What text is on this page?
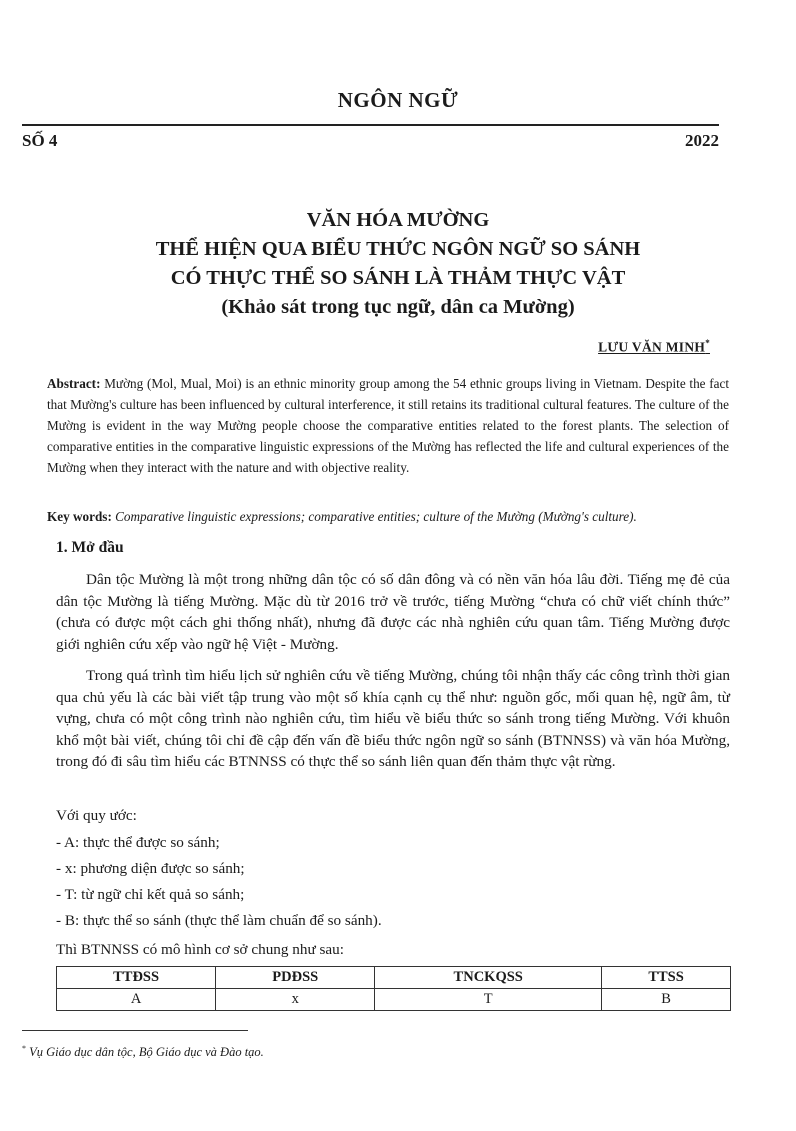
NGÔN NGỮ
SỐ 4	2022
VĂN HÓA MƯỜNG
THỂ HIỆN QUA BIỂU THỨC NGÔN NGỮ SO SÁNH
CÓ THỰC THỂ SO SÁNH LÀ THẢM THỰC VẬT
(Khảo sát trong tục ngữ, dân ca Mường)
LƯU VĂN MINH*
Abstract: Mường (Mol, Mual, Moi) is an ethnic minority group among the 54 ethnic groups living in Vietnam. Despite the fact that Mường's culture has been influenced by cultural interference, it still retains its traditional cultural features. The culture of the Mường is evident in the way Mường people choose the comparative entities related to the forest plants. The selection of comparative entities in the comparative linguistic expressions of the Mường has reflected the life and cultural experiences of the Mường when they interact with the nature and with objective reality.
Key words: Comparative linguistic expressions; comparative entities; culture of the Mường (Mường's culture).
1. Mở đầu
Dân tộc Mường là một trong những dân tộc có số dân đông và có nền văn hóa lâu đời. Tiếng mẹ đẻ của dân tộc Mường là tiếng Mường. Mặc dù từ 2016 trở về trước, tiếng Mường “chưa có chữ viết chính thức” (chưa có được một cách ghi thống nhất), nhưng đã được các nhà nghiên cứu quan tâm. Tiếng Mường được giới nghiên cứu xếp vào ngữ hệ Việt - Mường.
Trong quá trình tìm hiểu lịch sử nghiên cứu về tiếng Mường, chúng tôi nhận thấy các công trình thời gian qua chủ yếu là các bài viết tập trung vào một số khía cạnh cụ thể như: nguồn gốc, mối quan hệ, ngữ âm, từ vựng, chưa có một công trình nào nghiên cứu, tìm hiểu về biểu thức so sánh trong tiếng Mường. Với khuôn khổ một bài viết, chúng tôi chỉ đề cập đến vấn đề biểu thức ngôn ngữ so sánh (BTNNSS) và văn hóa Mường, trong đó đi sâu tìm hiểu các BTNNSS có thực thể so sánh liên quan đến thảm thực vật rừng.
Với quy ước:
- A: thực thể được so sánh;
- x: phương diện được so sánh;
- T: từ ngữ chỉ kết quả so sánh;
- B: thực thể so sánh (thực thể làm chuẩn để so sánh).
Thì BTNNSS có mô hình cơ sở chung như sau:
TTĐSS	PDĐSS	TNCKQSS	TTSS
A	x	T	B
* Vụ Giáo dục dân tộc, Bộ Giáo dục và Đào tạo.
